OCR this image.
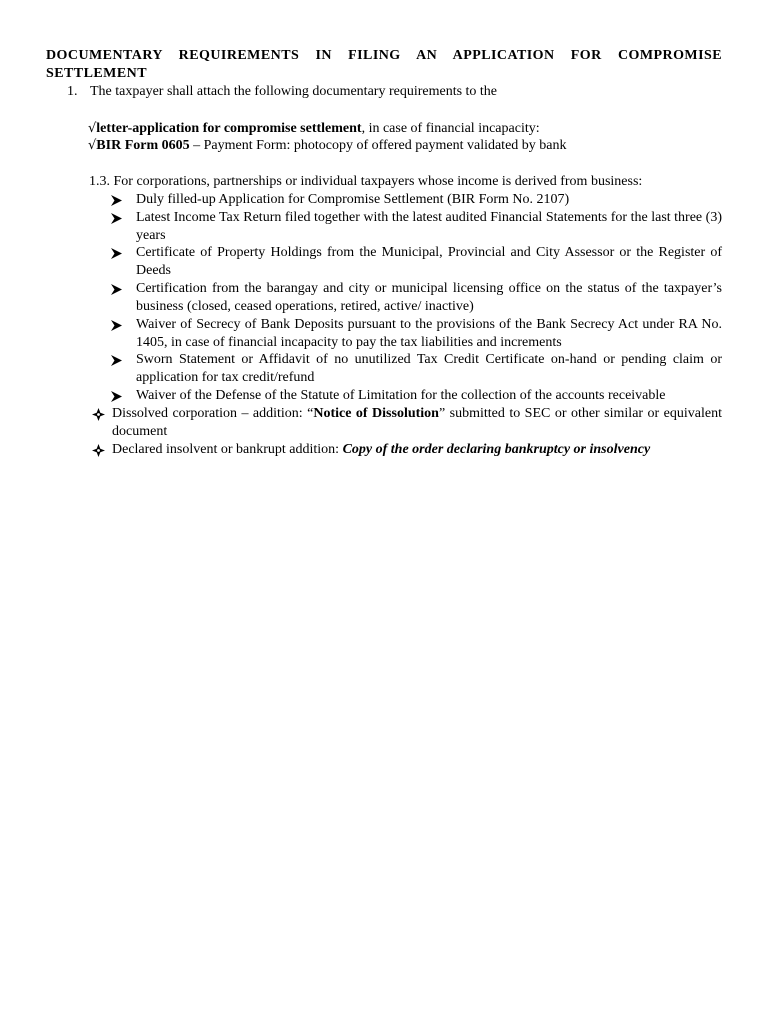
DOCUMENTARY REQUIREMENTS IN FILING AN APPLICATION FOR COMPROMISE SETTLEMENT
1. The taxpayer shall attach the following documentary requirements to the
√letter-application for compromise settlement, in case of financial incapacity:
√BIR Form 0605 – Payment Form: photocopy of offered payment validated by bank
1.3. For corporations, partnerships or individual taxpayers whose income is derived from business:
Duly filled-up Application for Compromise Settlement (BIR Form No. 2107)
Latest Income Tax Return filed together with the latest audited Financial Statements for the last three (3) years
Certificate of Property Holdings from the Municipal, Provincial and City Assessor or the Register of Deeds
Certification from the barangay and city or municipal licensing office on the status of the taxpayer’s business (closed, ceased operations, retired, active/ inactive)
Waiver of Secrecy of Bank Deposits pursuant to the provisions of the Bank Secrecy Act under RA No. 1405, in case of financial incapacity to pay the tax liabilities and increments
Sworn Statement or Affidavit of no unutilized Tax Credit Certificate on-hand or pending claim or application for tax credit/refund
Waiver of the Defense of the Statute of Limitation for the collection of the accounts receivable
Dissolved corporation – addition: “Notice of Dissolution” submitted to SEC or other similar or equivalent document
Declared insolvent or bankrupt addition: Copy of the order declaring bankruptcy or insolvency
